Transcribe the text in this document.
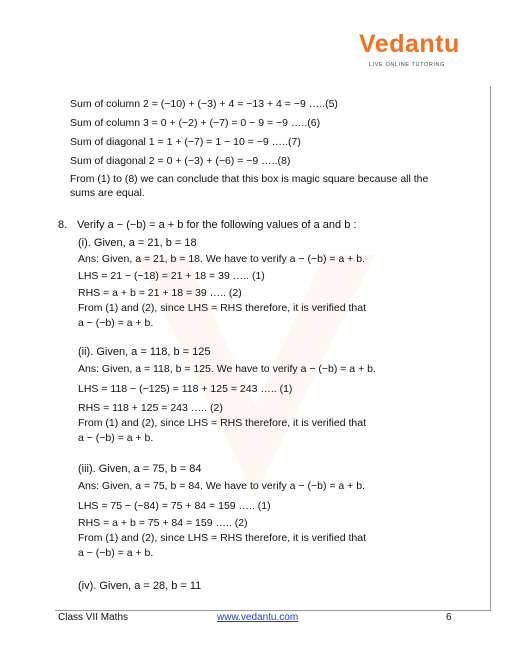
Vedantu
LIVE ONLINE TUTORING
Sum of column 2 = (−10) + (−3) + 4 = −13 + 4 = −9 …..(5)
Sum of column 3 = 0 + (−2) + (−7) = 0 − 9 = −9 …..(6)
Sum of diagonal 1 = 1 + (−7) = 1 − 10 = −9 …..(7)
Sum of diagonal 2 = 0 + (−3) + (−6) = −9 …..(8)
From (1) to (8) we can conclude that this box is magic square because all the
sums are equal.
8. Verify a − (−b) = a + b for the following values of a and b :
(i). Given, a = 21, b = 18
Ans: Given, a = 21, b = 18. We have to verify a − (−b) = a + b.
LHS = 21 − (−18) = 21 + 18 = 39 ….. (1)
RHS = a + b = 21 + 18 = 39 ….. (2)
From (1) and (2), since LHS = RHS therefore, it is verified that
a − (−b) = a + b.
(ii). Given, a = 118, b = 125
Ans: Given, a = 118, b = 125. We have to verify a − (−b) = a + b.
LHS = 118 − (−125) = 118 + 125 = 243 ….. (1)
RHS = 118 + 125 = 243 ….. (2)
From (1) and (2), since LHS = RHS therefore, it is verified that
a − (−b) = a + b.
(iii). Given, a = 75, b = 84
Ans: Given, a = 75, b = 84. We have to verify a − (−b) = a + b.
LHS = 75 − (−84) = 75 + 84 = 159 ….. (1)
RHS = a + b = 75 + 84 = 159 ….. (2)
From (1) and (2), since LHS = RHS therefore, it is verified that
a − (−b) = a + b.
(iv). Given, a = 28, b = 11
Class VII Maths	www.vedantu.com	6
